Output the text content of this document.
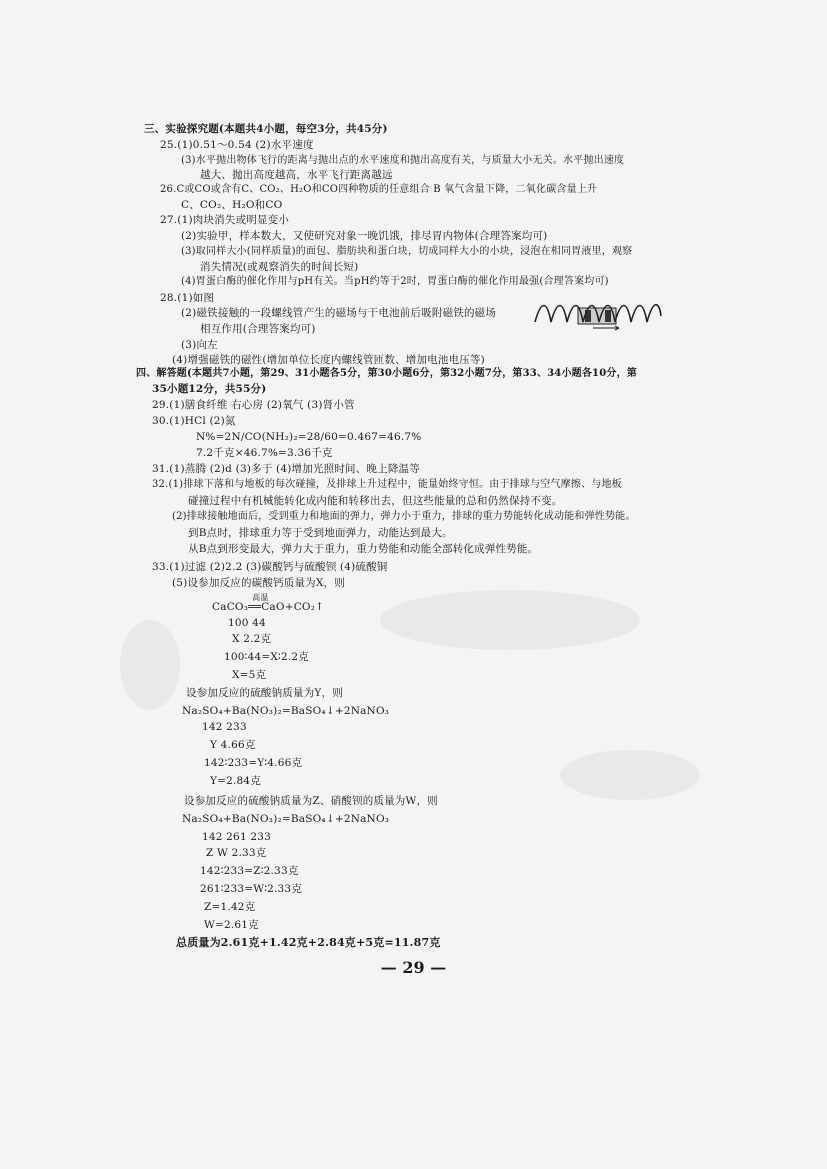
三、实验探究题(本题共4小题，每空3分，共45分)
25.(1)0.51～0.54 (2)水平速度
(3)水平抛出物体飞行的距离与抛出点的水平速度和抛出高度有关，与质量大小无关。水平抛出速度
越大、抛出高度越高，水平飞行距离越远
26.C或CO或含有C、CO₂、H₂O和CO四种物质的任意组合 B 氧气含量下降，二氧化碳含量上升
C、CO₂、H₂O和CO
27.(1)肉块消失或明显变小
(2)实验甲，样本数大，又使研究对象一晚饥饿，排尽胃内物体(合理答案均可)
(3)取同样大小(同样质量)的面包、脂肪块和蛋白块，切成同样大小的小块，浸泡在相同胃液里，观察
消失情况(或观察消失的时间长短)
(4)胃蛋白酶的催化作用与pH有关。当pH约等于2时，胃蛋白酶的催化作用最强(合理答案均可)
28.(1)如图
(2)磁铁接触的一段螺线管产生的磁场与干电池前后吸附磁铁的磁场
相互作用(合理答案均可)
(3)向左
(4)增强磁铁的磁性(增加单位长度内螺线管匝数、增加电池电压等)
四、解答题(本题共7小题，第29、31小题各5分，第30小题6分，第32小题7分，第33、34小题各10分，第
35小题12分，共55分)
29.(1)膳食纤维 右心房 (2)氧气 (3)肾小管
30.(1)HCl (2)氮
N%=2N/CO(NH₂)₂=28/60=0.467=46.7%
7.2千克×46.7%=3.36千克
31.(1)蒸腾 (2)d (3)多于 (4)增加光照时间、晚上降温等
32.(1)排球下落和与地板的每次碰撞，及排球上升过程中，能量始终守恒。由于排球与空气摩擦、与地板
碰撞过程中有机械能转化成内能和转移出去，但这些能量的总和仍然保持不变。
(2)排球接触地面后，受到重力和地面的弹力，弹力小于重力，排球的重力势能转化成动能和弹性势能。
到B点时，排球重力等于受到地面弹力，动能达到最大。
从B点到形变最大，弹力大于重力，重力势能和动能全部转化成弹性势能。
33.(1)过滤 (2)2.2 (3)碳酸钙与硫酸钡 (4)硫酸铜
(5)设参加反应的碳酸钙质量为X，则
CaCO₃
高温
══CaO+CO₂↑
100 44
X 2.2克
100∶44=X∶2.2克
X=5克
设参加反应的硫酸钠质量为Y，则
Na₂SO₄+Ba(NO₃)₂=BaSO₄↓+2NaNO₃
142 233
Y 4.66克
142∶233=Y∶4.66克
Y=2.84克
设参加反应的硫酸钠质量为Z、硝酸钡的质量为W，则
Na₂SO₄+Ba(NO₃)₂=BaSO₄↓+2NaNO₃
142 261 233
Z W 2.33克
142∶233=Z∶2.33克
261∶233=W∶2.33克
Z=1.42克
W=2.61克
总质量为2.61克+1.42克+2.84克+5克=11.87克
— 29 —
